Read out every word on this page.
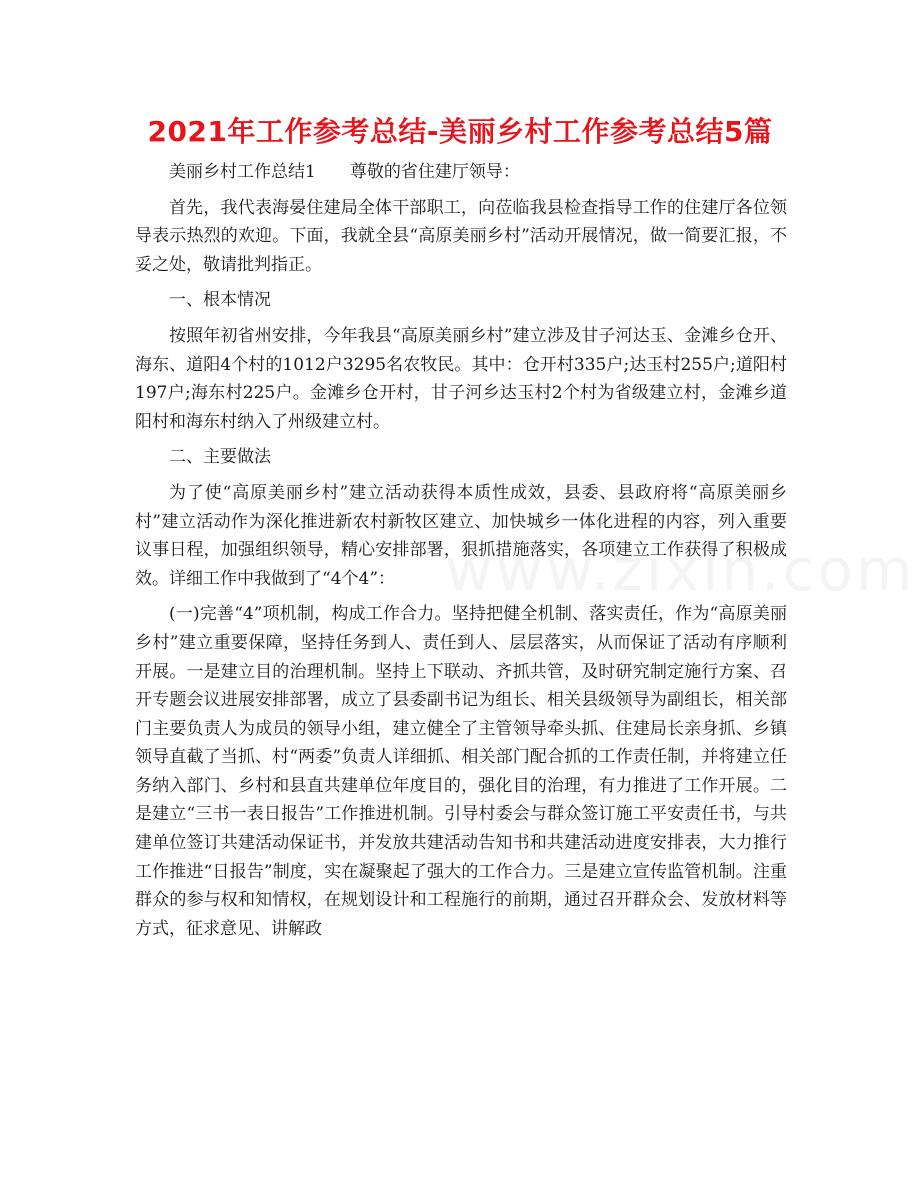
2021年工作参考总结-美丽乡村工作参考总结5篇

美丽乡村工作总结1　　尊敬的省住建厅领导：

首先，我代表海晏住建局全体干部职工，向莅临我县检查指导工作的住建厅各位领导表示热烈的欢迎。下面，我就全县“高原美丽乡村”活动开展情况，做一简要汇报，不妥之处，敬请批判指正。

一、根本情况

按照年初省州安排，今年我县“高原美丽乡村”建立涉及甘子河达玉、金滩乡仓开、海东、道阳4个村的1012户3295名农牧民。其中：仓开村335户;达玉村255户;道阳村197户;海东村225户。金滩乡仓开村，甘子河乡达玉村2个村为省级建立村，金滩乡道阳村和海东村纳入了州级建立村。

二、主要做法

为了使“高原美丽乡村”建立活动获得本质性成效，县委、县政府将“高原美丽乡村”建立活动作为深化推进新农村新牧区建立、加快城乡一体化进程的内容，列入重要议事日程，加强组织领导，精心安排部署，狠抓措施落实，各项建立工作获得了积极成效。详细工作中我做到了“4个4”：

(一)完善“4”项机制，构成工作合力。坚持把健全机制、落实责任，作为“高原美丽乡村”建立重要保障，坚持任务到人、责任到人、层层落实，从而保证了活动有序顺利开展。一是建立目的治理机制。坚持上下联动、齐抓共管，及时研究制定施行方案、召开专题会议进展安排部署，成立了县委副书记为组长、相关县级领导为副组长，相关部门主要负责人为成员的领导小组，建立健全了主管领导牵头抓、住建局长亲身抓、乡镇领导直截了当抓、村“两委”负责人详细抓、相关部门配合抓的工作责任制，并将建立任务纳入部门、乡村和县直共建单位年度目的，强化目的治理，有力推进了工作开展。二是建立“三书一表日报告”工作推进机制。引导村委会与群众签订施工平安责任书，与共建单位签订共建活动保证书，并发放共建活动告知书和共建活动进度安排表，大力推行工作推进“日报告”制度，实在凝聚起了强大的工作合力。三是建立宣传监管机制。注重群众的参与权和知情权，在规划设计和工程施行的前期，通过召开群众会、发放材料等方式，征求意见、讲解政
